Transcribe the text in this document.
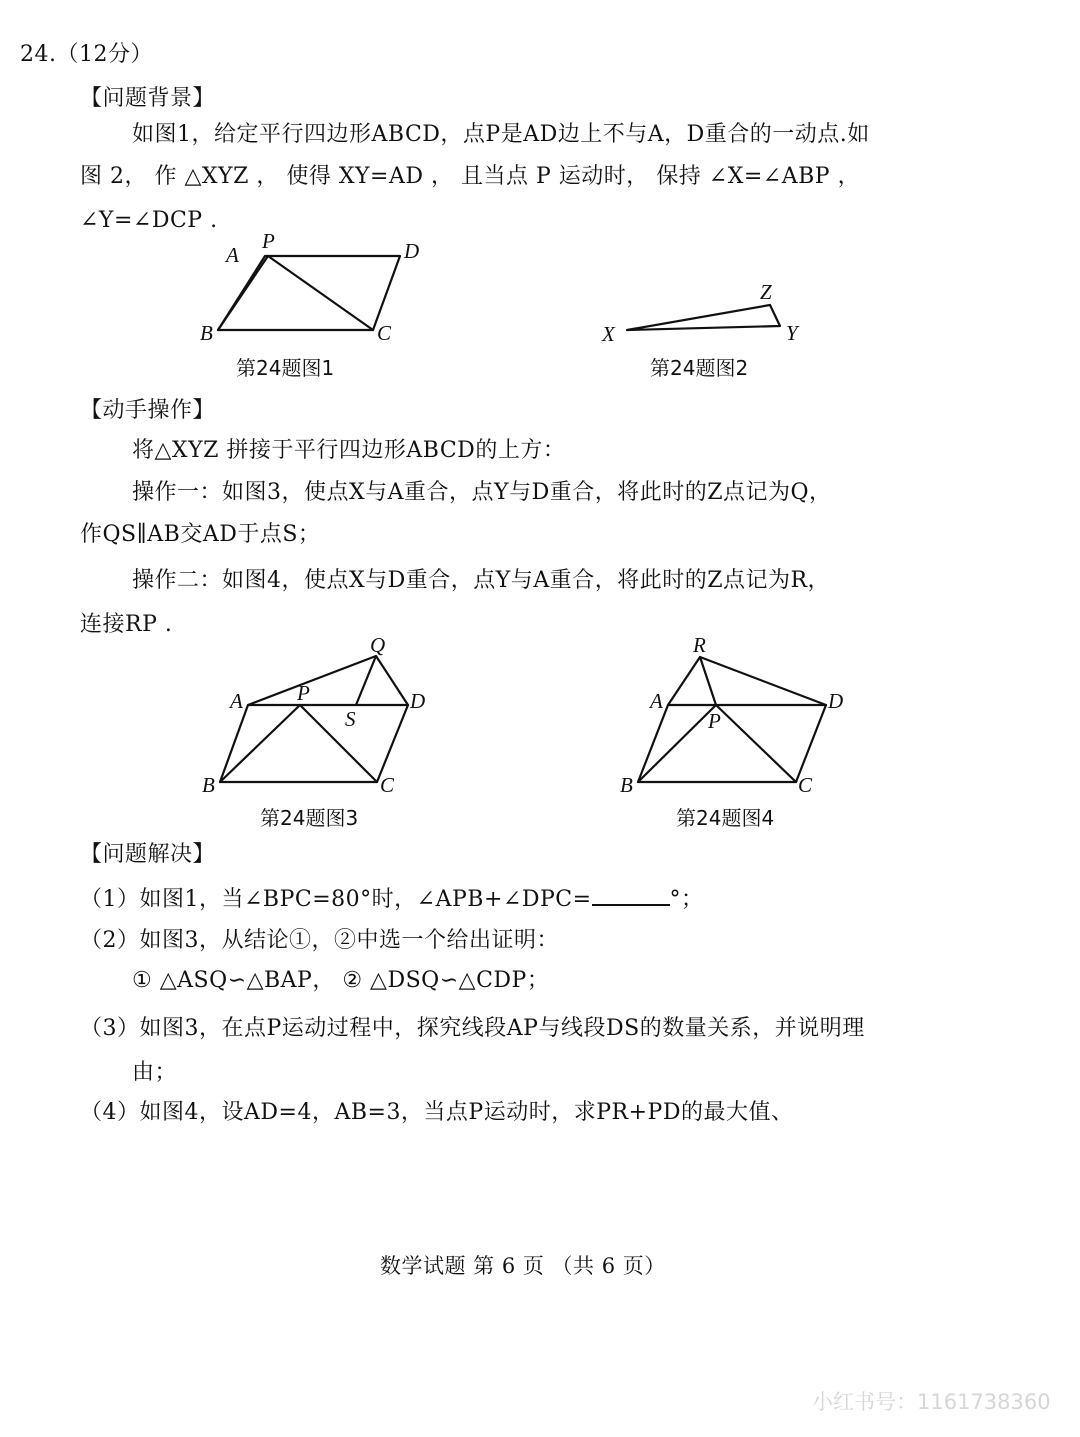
24.（12分）
【问题背景】
如图1，给定平行四边形ABCD，点P是AD边上不与A，D重合的一动点.如
图 2， 作 △XYZ ， 使得 XY=AD ， 且当点 P 运动时， 保持 ∠X=∠ABP ，
∠Y=∠DCP .
A
P	D
B	C
第24题图1
X	Y
Z
第24题图2
【动手操作】
将△XYZ 拼接于平行四边形ABCD的上方：
操作一：如图3，使点X与A重合，点Y与D重合，将此时的Z点记为Q，
作QS∥AB交AD于点S；
操作二：如图4，使点X与D重合，点Y与A重合，将此时的Z点记为R，
连接RP .
Q
A	P
S
D
B	C
第24题图3
R
A
P
D
B	C
第24题图4
【问题解决】
（1）如图1，当∠BPC=80°时，∠APB+∠DPC=	°；
（2）如图3，从结论①，②中选一个给出证明：
① △ASQ∽△BAP， ② △DSQ∽△CDP；
（3）如图3，在点P运动过程中，探究线段AP与线段DS的数量关系，并说明理
由；
（4）如图4，设AD=4，AB=3，当点P运动时，求PR+PD的最大值、
数学试题 第 6 页 （共 6 页）
小红书号：1161738360
